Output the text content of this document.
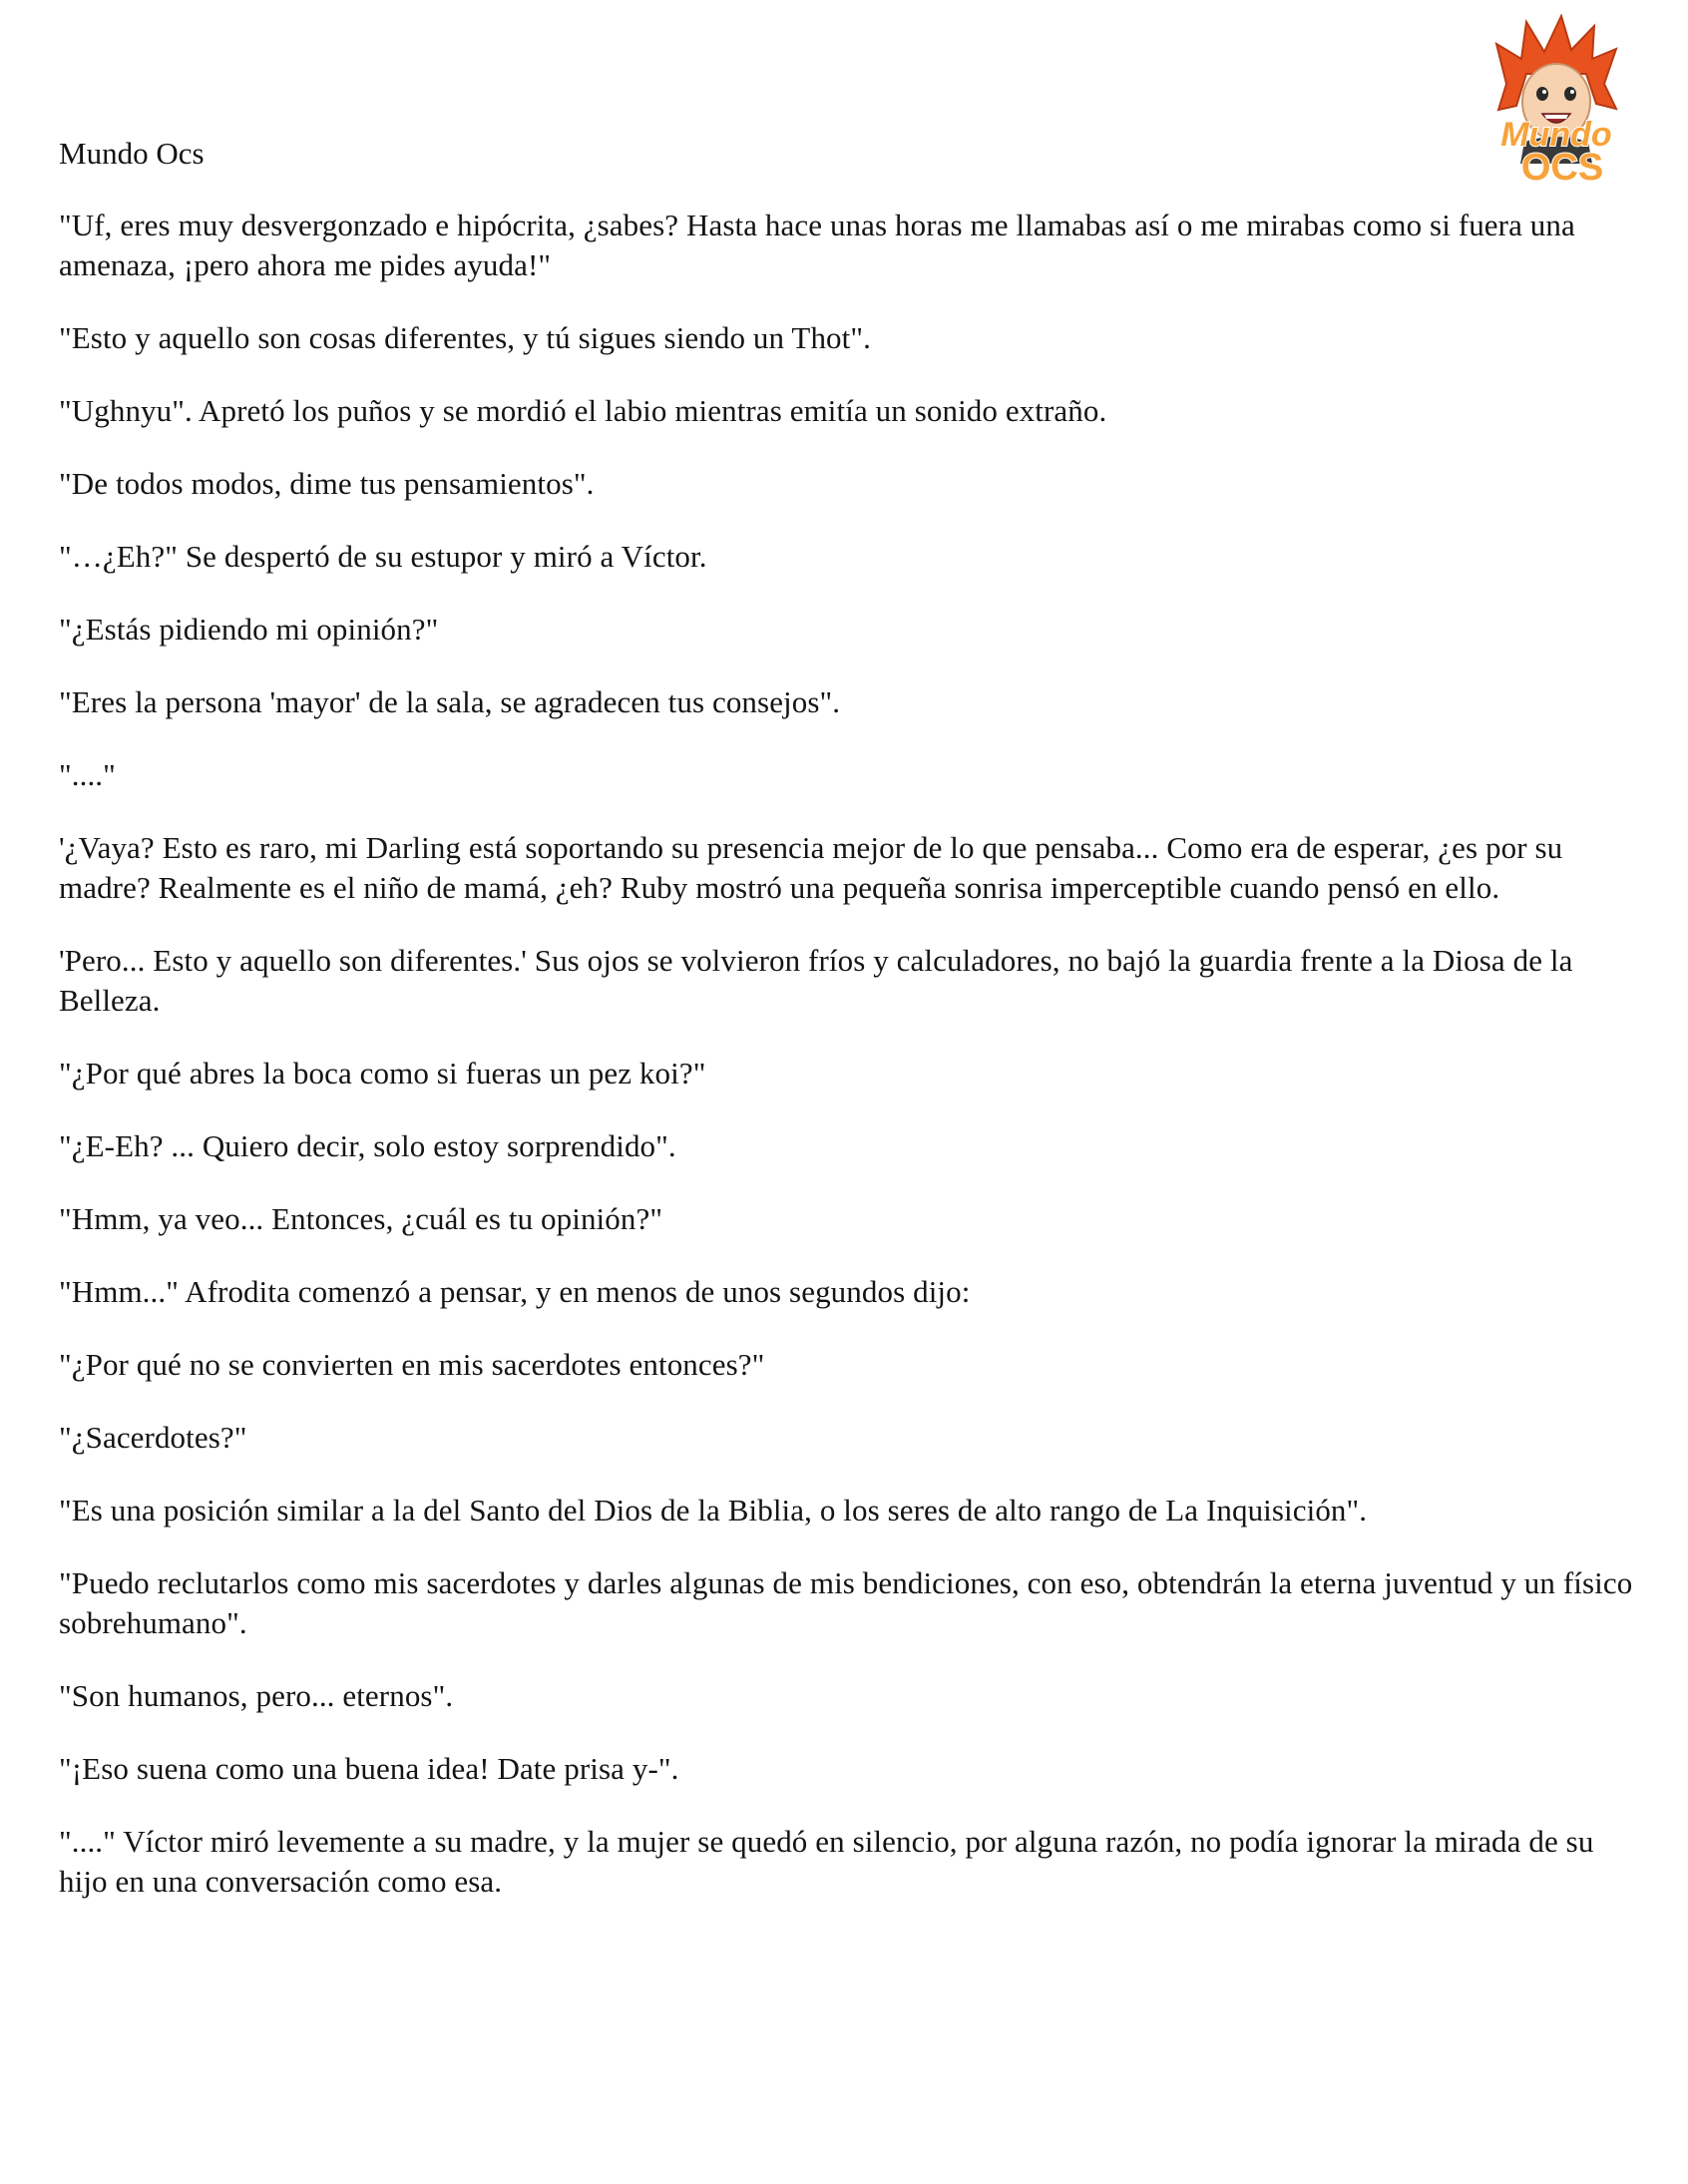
Mundo Ocs	Mundo
OCS

"Uf, eres muy desvergonzado e hipócrita, ¿sabes? Hasta hace unas horas me llamabas así o me mirabas como si fuera una amenaza, ¡pero ahora me pides ayuda!"

"Esto y aquello son cosas diferentes, y tú sigues siendo un Thot".

"Ughnyu". Apretó los puños y se mordió el labio mientras emitía un sonido extraño.

"De todos modos, dime tus pensamientos".

"…¿Eh?" Se despertó de su estupor y miró a Víctor.

"¿Estás pidiendo mi opinión?"

"Eres la persona 'mayor' de la sala, se agradecen tus consejos".

"...."

'¿Vaya? Esto es raro, mi Darling está soportando su presencia mejor de lo que pensaba... Como era de esperar, ¿es por su madre? Realmente es el niño de mamá, ¿eh? Ruby mostró una pequeña sonrisa imperceptible cuando pensó en ello.

'Pero... Esto y aquello son diferentes.' Sus ojos se volvieron fríos y calculadores, no bajó la guardia frente a la Diosa de la Belleza.

"¿Por qué abres la boca como si fueras un pez koi?"

"¿E-Eh? ... Quiero decir, solo estoy sorprendido".

"Hmm, ya veo... Entonces, ¿cuál es tu opinión?"

"Hmm..." Afrodita comenzó a pensar, y en menos de unos segundos dijo:

"¿Por qué no se convierten en mis sacerdotes entonces?"

"¿Sacerdotes?"

"Es una posición similar a la del Santo del Dios de la Biblia, o los seres de alto rango de La Inquisición".

"Puedo reclutarlos como mis sacerdotes y darles algunas de mis bendiciones, con eso, obtendrán la eterna juventud y un físico sobrehumano".

"Son humanos, pero... eternos".

"¡Eso suena como una buena idea! Date prisa y-".

"...." Víctor miró levemente a su madre, y la mujer se quedó en silencio, por alguna razón, no podía ignorar la mirada de su hijo en una conversación como esa.
